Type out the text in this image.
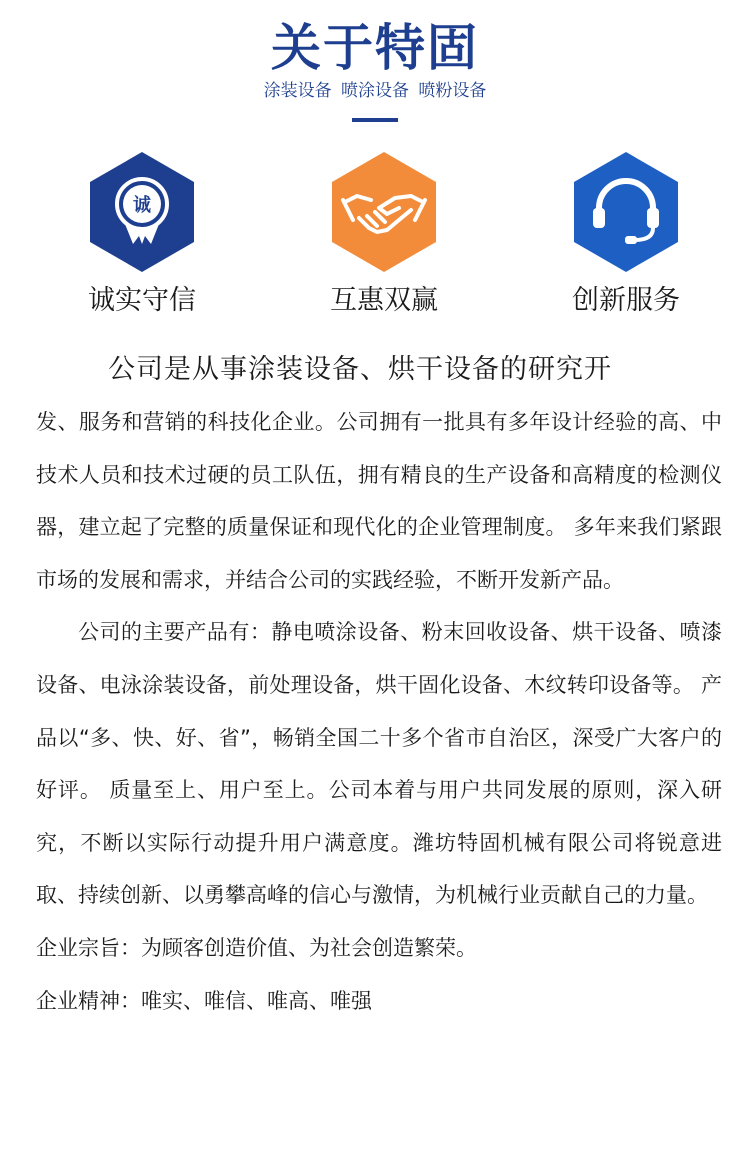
关于特固
涂装设备 喷涂设备 喷粉设备
诚
诚实守信	互惠双赢	创新服务

公司是从事涂装设备、烘干设备的研究开
发、服务和营销的科技化企业。公司拥有一批具有多年设计经验的高、中技术人员和技术过硬的员工队伍，拥有精良的生产设备和高精度的检测仪器，建立起了完整的质量保证和现代化的企业管理制度。 多年来我们紧跟市场的发展和需求，并结合公司的实践经验，不断开发新产品。

公司的主要产品有：静电喷涂设备、粉末回收设备、烘干设备、喷漆设备、电泳涂装设备，前处理设备，烘干固化设备、木纹转印设备等。 产品以“多、快、好、省”，畅销全国二十多个省市自治区，深受广大客户的好评。 质量至上、用户至上。公司本着与用户共同发展的原则，深入研究，不断以实际行动提升用户满意度。潍坊特固机械有限公司将锐意进取、持续创新、以勇攀高峰的信心与激情，为机械行业贡献自己的力量。

企业宗旨：为顾客创造价值、为社会创造繁荣。

企业精神：唯实、唯信、唯高、唯强
